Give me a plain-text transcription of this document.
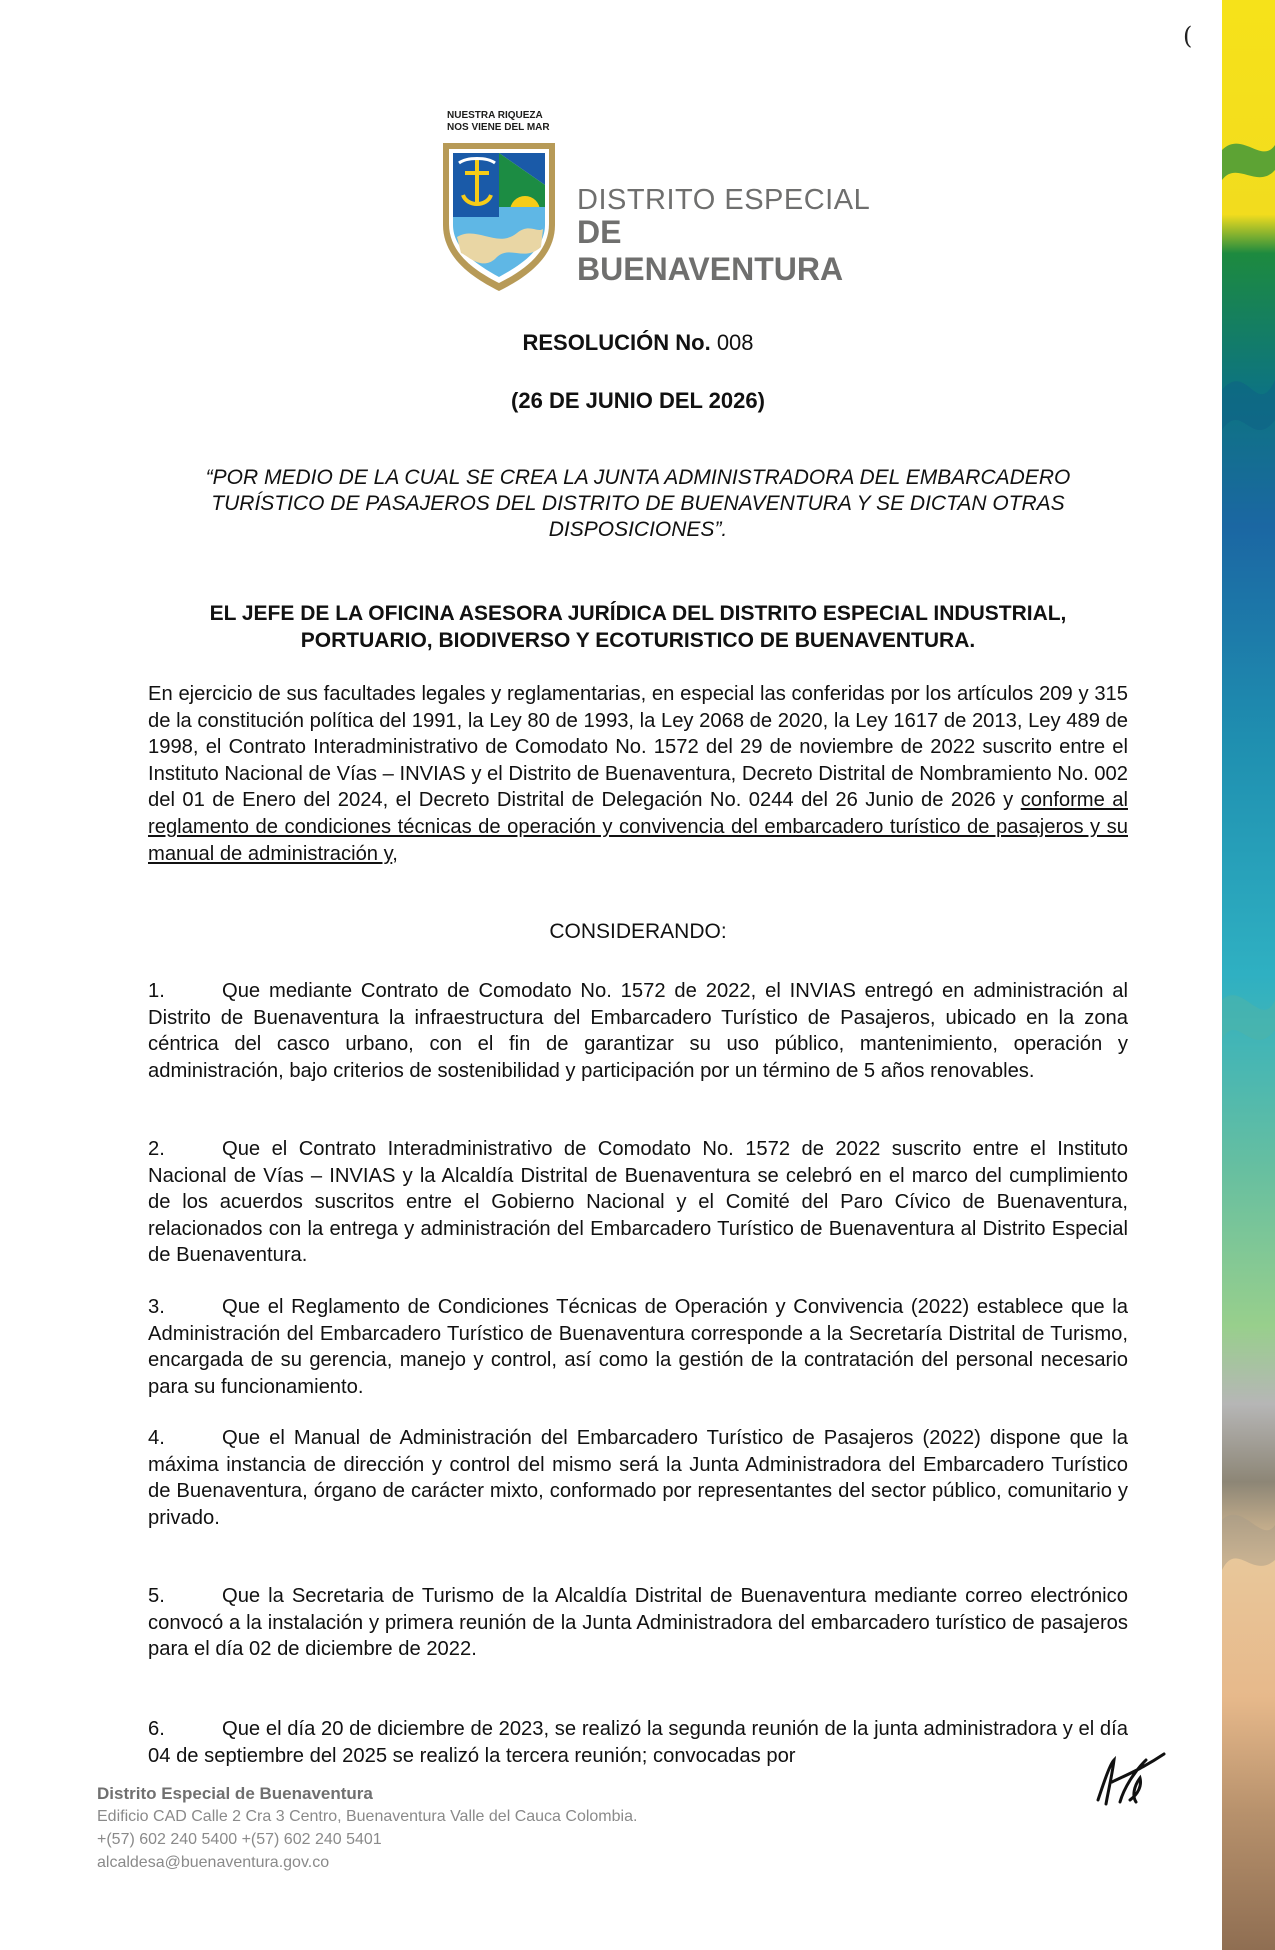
(
NUESTRA RIQUEZA
NOS VIENE DEL MAR
DISTRITO ESPECIAL
DE BUENAVENTURA
RESOLUCIÓN No. 008
(26 DE JUNIO DEL 2026)
“POR MEDIO DE LA CUAL SE CREA LA JUNTA ADMINISTRADORA DEL EMBARCADERO TURÍSTICO DE PASAJEROS DEL DISTRITO DE BUENAVENTURA Y SE DICTAN OTRAS DISPOSICIONES”.
EL JEFE DE LA OFICINA ASESORA JURÍDICA DEL DISTRITO ESPECIAL INDUSTRIAL, PORTUARIO, BIODIVERSO Y ECOTURISTICO DE BUENAVENTURA.
En ejercicio de sus facultades legales y reglamentarias, en especial las conferidas por los artículos 209 y 315 de la constitución política del 1991, la Ley 80 de 1993, la Ley 2068 de 2020, la Ley 1617 de 2013, Ley 489 de 1998, el Contrato Interadministrativo de Comodato No. 1572 del 29 de noviembre de 2022 suscrito entre el Instituto Nacional de Vías – INVIAS y el Distrito de Buenaventura, Decreto Distrital de Nombramiento No. 002 del 01 de Enero del 2024, el Decreto Distrital de Delegación No. 0244 del 26 Junio de 2026 y conforme al reglamento de condiciones técnicas de operación y convivencia del embarcadero turístico de pasajeros y su manual de administración y,
CONSIDERANDO:
1.	Que mediante Contrato de Comodato No. 1572 de 2022, el INVIAS entregó en administración al Distrito de Buenaventura la infraestructura del Embarcadero Turístico de Pasajeros, ubicado en la zona céntrica del casco urbano, con el fin de garantizar su uso público, mantenimiento, operación y administración, bajo criterios de sostenibilidad y participación por un término de 5 años renovables.
2.	Que el Contrato Interadministrativo de Comodato No. 1572 de 2022 suscrito entre el Instituto Nacional de Vías – INVIAS y la Alcaldía Distrital de Buenaventura se celebró en el marco del cumplimiento de los acuerdos suscritos entre el Gobierno Nacional y el Comité del Paro Cívico de Buenaventura, relacionados con la entrega y administración del Embarcadero Turístico de Buenaventura al Distrito Especial de Buenaventura.
3.	Que el Reglamento de Condiciones Técnicas de Operación y Convivencia (2022) establece que la Administración del Embarcadero Turístico de Buenaventura corresponde a la Secretaría Distrital de Turismo, encargada de su gerencia, manejo y control, así como la gestión de la contratación del personal necesario para su funcionamiento.
4.	Que el Manual de Administración del Embarcadero Turístico de Pasajeros (2022) dispone que la máxima instancia de dirección y control del mismo será la Junta Administradora del Embarcadero Turístico de Buenaventura, órgano de carácter mixto, conformado por representantes del sector público, comunitario y privado.
5.	Que la Secretaria de Turismo de la Alcaldía Distrital de Buenaventura mediante correo electrónico convocó a la instalación y primera reunión de la Junta Administradora del embarcadero turístico de pasajeros para el día 02 de diciembre de 2022.
6.	Que el día 20 de diciembre de 2023, se realizó la segunda reunión de la junta administradora y el día 04 de septiembre del 2025 se realizó la tercera reunión; convocadas por
Distrito Especial de Buenaventura
Edificio CAD Calle 2 Cra 3 Centro, Buenaventura Valle del Cauca Colombia.
+(57) 602 240 5400 +(57) 602 240 5401
alcaldesa@buenaventura.gov.co
